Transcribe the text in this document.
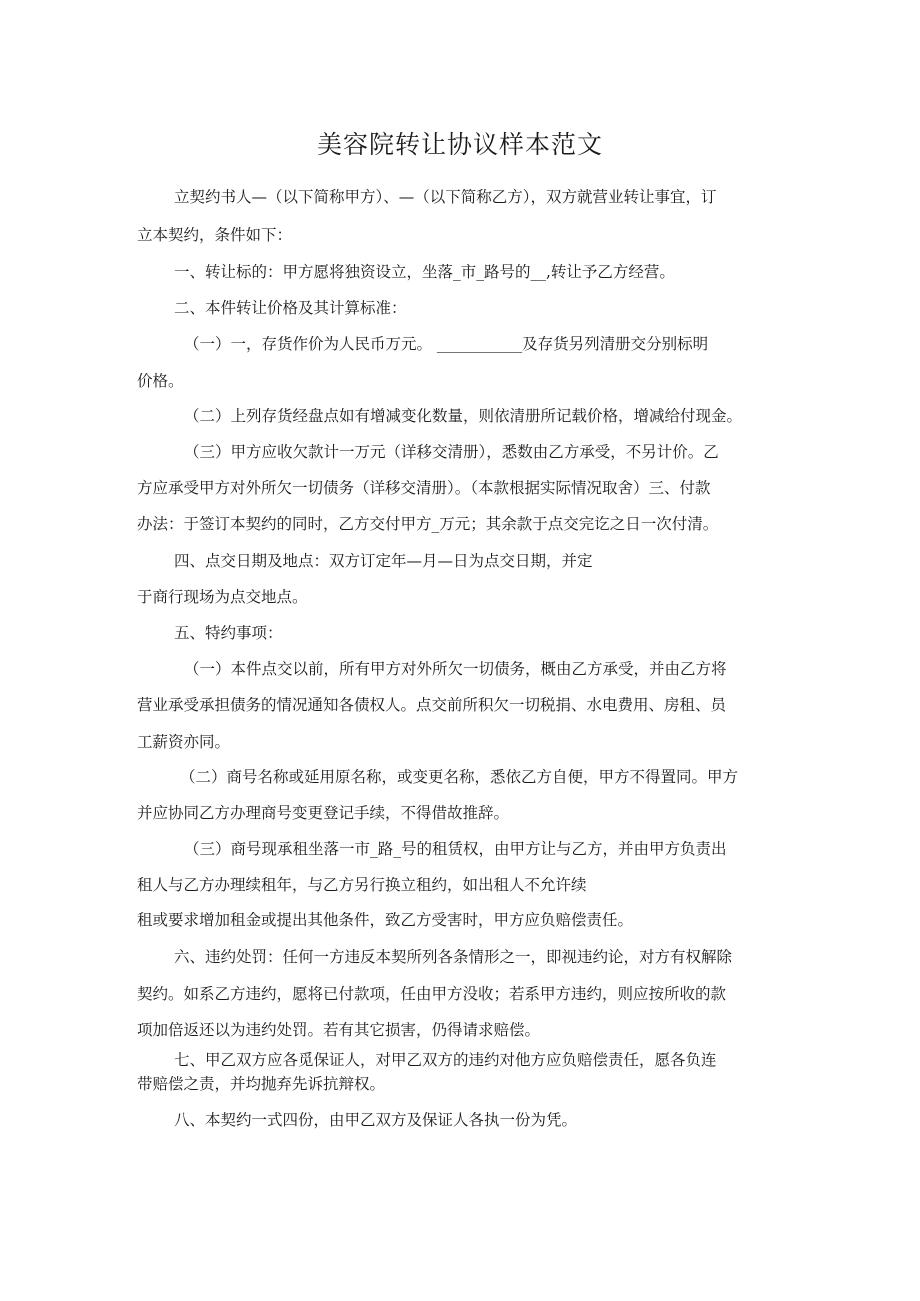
美容院转让协议样本范文

立契约书人—（以下简称甲方）、—（以下简称乙方），双方就营业转让事宜，订

立本契约，条件如下：

一、转让标的：甲方愿将独资设立，坐落_市_路号的__,转让予乙方经营。

二、本件转让价格及其计算标准：

（一）一，存货作价为人民币万元。 ___________及存货另列清册交分别标明

价格。

（二）上列存货经盘点如有增减变化数量，则依清册所记载价格，增减给付现金。

（三）甲方应收欠款计一万元（详移交清册），悉数由乙方承受，不另计价。乙

方应承受甲方对外所欠一切债务（详移交清册）。（本款根据实际情况取舍）三、付款

办法：于签订本契约的同时，乙方交付甲方_万元；其余款于点交完讫之日一次付清。

四、点交日期及地点：双方订定年—月—日为点交日期，并定

于商行现场为点交地点。

五、特约事项：

（一）本件点交以前，所有甲方对外所欠一切债务，概由乙方承受，并由乙方将

营业承受承担债务的情况通知各债权人。点交前所积欠一切税捐、水电费用、房租、员

工薪资亦同。

（二）商号名称或延用原名称，或变更名称，悉依乙方自便，甲方不得置同。甲方

并应协同乙方办理商号变更登记手续，不得借故推辞。

（三）商号现承租坐落一市_路_号的租赁权，由甲方让与乙方，并由甲方负责出

租人与乙方办理续租年，与乙方另行换立租约，如出租人不允许续

租或要求增加租金或提出其他条件，致乙方受害时，甲方应负赔偿责任。

六、违约处罚：任何一方违反本契所列各条情形之一，即视违约论，对方有权解除

契约。如系乙方违约，愿将已付款项，任由甲方没收；若系甲方违约，则应按所收的款

项加倍返还以为违约处罚。若有其它损害，仍得请求赔偿。

七、甲乙双方应各觅保证人，对甲乙双方的违约对他方应负赔偿责任，愿各负连

带赔偿之责，并均抛弃先诉抗辩权。

八、本契约一式四份，由甲乙双方及保证人各执一份为凭。
